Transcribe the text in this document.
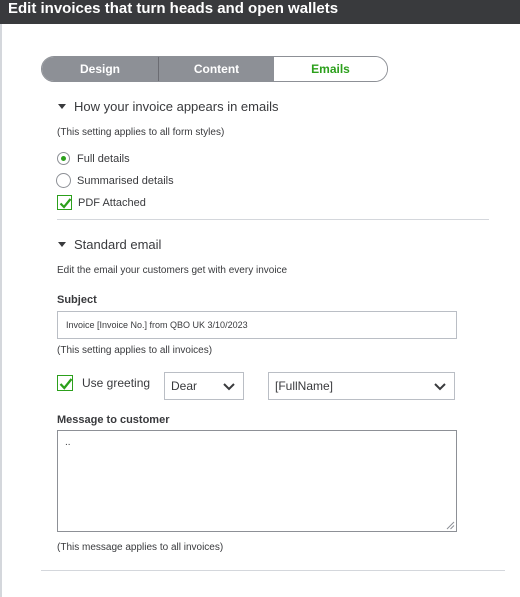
Edit invoices that turn heads and open wallets
Design	Content	Emails
How your invoice appears in emails
(This setting applies to all form styles)
Full details
Summarised details
PDF Attached
Standard email
Edit the email your customers get with every invoice
Subject
Invoice [Invoice No.] from QBO UK 3/10/2023
(This setting applies to all invoices)
Use greeting Dear	[FullName]
Message to customer
..
(This message applies to all invoices)
